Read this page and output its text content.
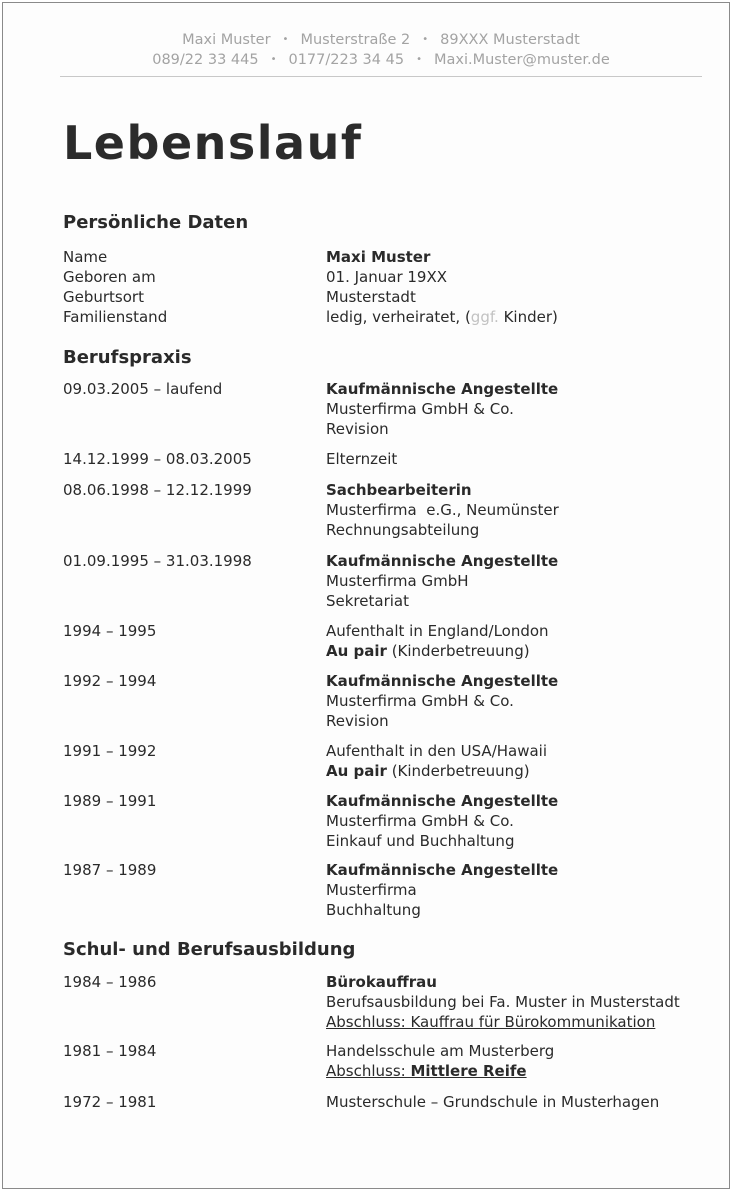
Maxi Muster • Musterstraße 2 • 89XXX Musterstadt
089/22 33 445 • 0177/223 34 45 • Maxi.Muster@muster.de
Lebenslauf
Persönliche Daten
Name	Maxi Muster
Geboren am	01. Januar 19XX
Geburtsort	Musterstadt
Familienstand	ledig, verheiratet, (ggf. Kinder)
Berufspraxis
09.03.2005 – laufend	Kaufmännische Angestellte
Musterfirma GmbH & Co.
Revision
14.12.1999 – 08.03.2005	Elternzeit
08.06.1998 – 12.12.1999	Sachbearbeiterin
Musterfirma  e.G., Neumünster
Rechnungsabteilung
01.09.1995 – 31.03.1998	Kaufmännische Angestellte
Musterfirma GmbH
Sekretariat
1994 – 1995	Aufenthalt in England/London
Au pair (Kinderbetreuung)
1992 – 1994	Kaufmännische Angestellte
Musterfirma GmbH & Co.
Revision
1991 – 1992	Aufenthalt in den USA/Hawaii
Au pair (Kinderbetreuung)
1989 – 1991	Kaufmännische Angestellte
Musterfirma GmbH & Co.
Einkauf und Buchhaltung
1987 – 1989	Kaufmännische Angestellte
Musterfirma
Buchhaltung
Schul- und Berufsausbildung
1984 – 1986	Bürokauffrau
Berufsausbildung bei Fa. Muster in Musterstadt
Abschluss: Kauffrau für Bürokommunikation
1981 – 1984	Handelsschule am Musterberg
Abschluss: Mittlere Reife
1972 – 1981	Musterschule – Grundschule in Musterhagen
